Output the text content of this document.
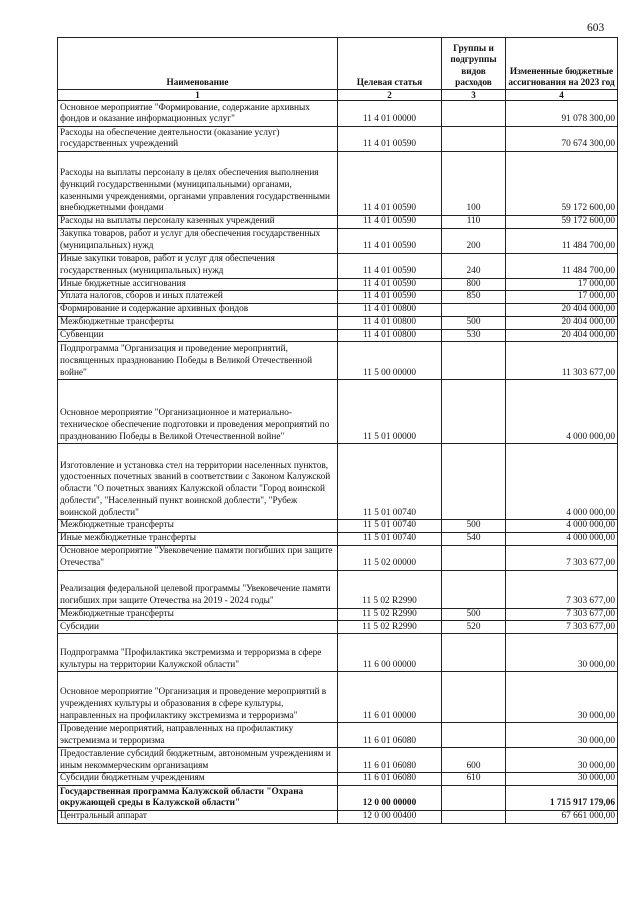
603
Наименование	Целевая статья	Группы и подгруппы видов расходов	Измененные бюджетные ассигнования на 2023 год
1	2	3	4
Основное мероприятие "Формирование, содержание архивных фондов и оказание информационных услуг"	11 4 01 00000		91 078 300,00
Расходы на обеспечение деятельности (оказание услуг) государственных учреждений	11 4 01 00590		70 674 300,00
Расходы на выплаты персоналу в целях обеспечения выполнения функций государственными (муниципальными) органами, казенными учреждениями, органами управления государственными внебюджетными фондами	11 4 01 00590	100	59 172 600,00
Расходы на выплаты персоналу казенных учреждений	11 4 01 00590	110	59 172 600,00
Закупка товаров, работ и услуг для обеспечения государственных (муниципальных) нужд	11 4 01 00590	200	11 484 700,00
Иные закупки товаров, работ и услуг для обеспечения государственных (муниципальных) нужд	11 4 01 00590	240	11 484 700,00
Иные бюджетные ассигнования	11 4 01 00590	800	17 000,00
Уплата налогов, сборов и иных платежей	11 4 01 00590	850	17 000,00
Формирование и содержание архивных фондов	11 4 01 00800		20 404 000,00
Межбюджетные трансферты	11 4 01 00800	500	20 404 000,00
Субвенции	11 4 01 00800	530	20 404 000,00
Подпрограмма "Организация и проведение мероприятий, посвященных празднованию Победы в Великой Отечественной войне"	11 5 00 00000		11 303 677,00
Основное мероприятие "Организационное и материально-техническое обеспечение подготовки и проведения мероприятий по празднованию Победы в Великой Отечественной войне"	11 5 01 00000		4 000 000,00
Изготовление и установка стел на территории населенных пунктов, удостоенных почетных званий в соответствии с Законом Калужской области "О почетных званиях Калужской области "Город воинской доблести", "Населенный пункт воинской доблести", "Рубеж воинской доблести"	11 5 01 00740		4 000 000,00
Межбюджетные трансферты	11 5 01 00740	500	4 000 000,00
Иные межбюджетные трансферты	11 5 01 00740	540	4 000 000,00
Основное мероприятие "Увековечение памяти погибших при защите Отечества"	11 5 02 00000		7 303 677,00
Реализация федеральной целевой программы "Увековечение памяти погибших при защите Отечества на 2019 - 2024 годы"	11 5 02 R2990		7 303 677,00
Межбюджетные трансферты	11 5 02 R2990	500	7 303 677,00
Субсидии	11 5 02 R2990	520	7 303 677,00
Подпрограмма "Профилактика экстремизма и терроризма в сфере культуры на территории Калужской области"	11 6 00 00000		30 000,00
Основное мероприятие "Организация и проведение мероприятий в учреждениях культуры и образования в сфере культуры, направленных на профилактику экстремизма и терроризма"	11 6 01 00000		30 000,00
Проведение мероприятий, направленных на профилактику экстремизма и терроризма	11 6 01 06080		30 000,00
Предоставление субсидий бюджетным, автономным учреждениям и иным некоммерческим организациям	11 6 01 06080	600	30 000,00
Субсидии бюджетным учреждениям	11 6 01 06080	610	30 000,00
Государственная программа Калужской области "Охрана окружающей среды в Калужской области"	12 0 00 00000		1 715 917 179,06
Центральный аппарат	12 0 00 00400		67 661 000,00
